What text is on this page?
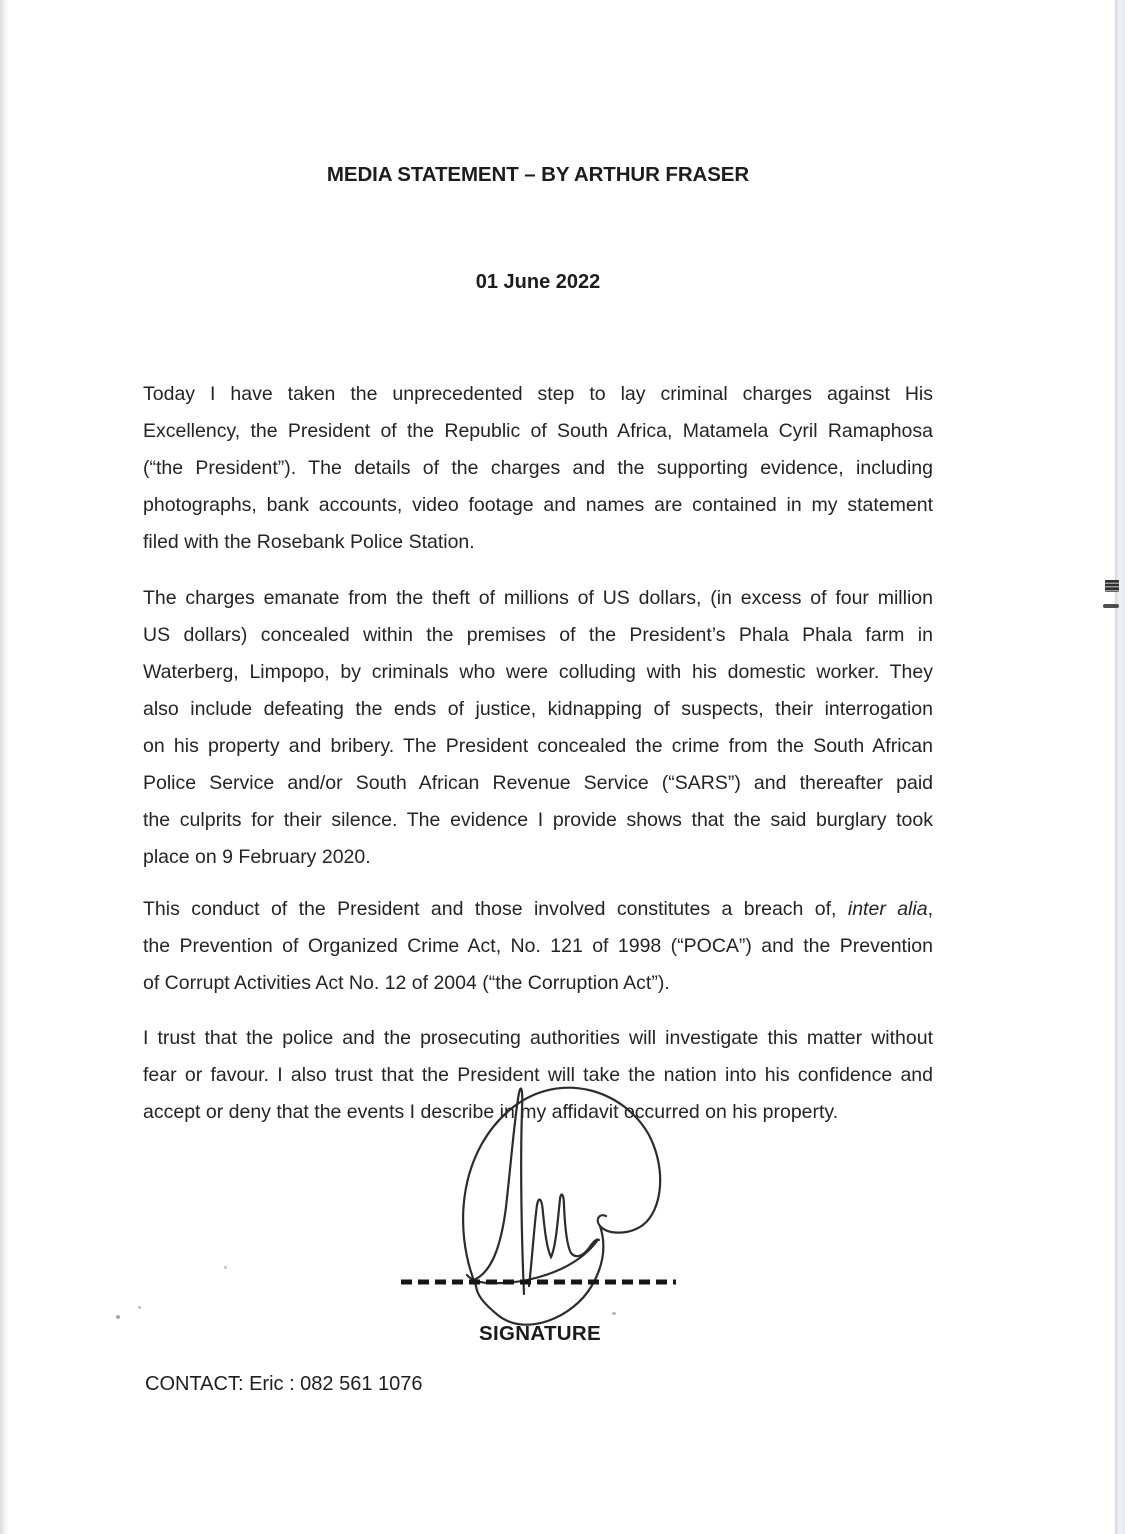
MEDIA STATEMENT – BY ARTHUR FRASER
01 June 2022
Today I have taken the unprecedented step to lay criminal charges against His
Excellency, the President of the Republic of South Africa, Matamela Cyril Ramaphosa
(“the President”). The details of the charges and the supporting evidence, including
photographs, bank accounts, video footage and names are contained in my statement
filed with the Rosebank Police Station.
The charges emanate from the theft of millions of US dollars, (in excess of four million
US dollars) concealed within the premises of the President’s Phala Phala farm in
Waterberg, Limpopo, by criminals who were colluding with his domestic worker. They
also include defeating the ends of justice, kidnapping of suspects, their interrogation
on his property and bribery. The President concealed the crime from the South African
Police Service and/or South African Revenue Service (“SARS”) and thereafter paid
the culprits for their silence. The evidence I provide shows that the said burglary took
place on 9 February 2020.
This conduct of the President and those involved constitutes a breach of, inter alia,
the Prevention of Organized Crime Act, No. 121 of 1998 (“POCA”) and the Prevention
of Corrupt Activities Act No. 12 of 2004 (“the Corruption Act”).
I trust that the police and the prosecuting authorities will investigate this matter without
fear or favour. I also trust that the President will take the nation into his confidence and
accept or deny that the events I describe in my affidavit occurred on his property.
SIGNATURE
CONTACT: Eric : 082 561 1076
